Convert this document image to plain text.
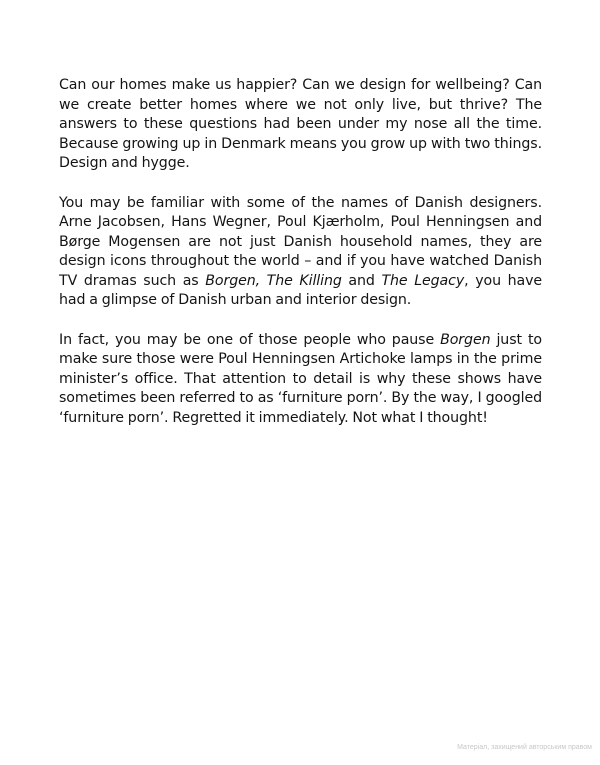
Can our homes make us happier? Can we design for wellbeing? Can we create better homes where we not only live, but thrive? The answers to these questions had been under my nose all the time. Because growing up in Denmark means you grow up with two things. Design and hygge.

You may be familiar with some of the names of Danish designers. Arne Jacobsen, Hans Wegner, Poul Kjærholm, Poul Henningsen and Børge Mogensen are not just Danish household names, they are design icons throughout the world – and if you have watched Danish TV dramas such as Borgen, The Killing and The Legacy, you have had a glimpse of Danish urban and interior design.

In fact, you may be one of those people who pause Borgen just to make sure those were Poul Henningsen Artichoke lamps in the prime minister’s office. That attention to detail is why these shows have sometimes been referred to as ‘furniture porn’. By the way, I googled ‘furniture porn’. Regretted it immediately. Not what I thought!

Матеріал, захищений авторським правом
